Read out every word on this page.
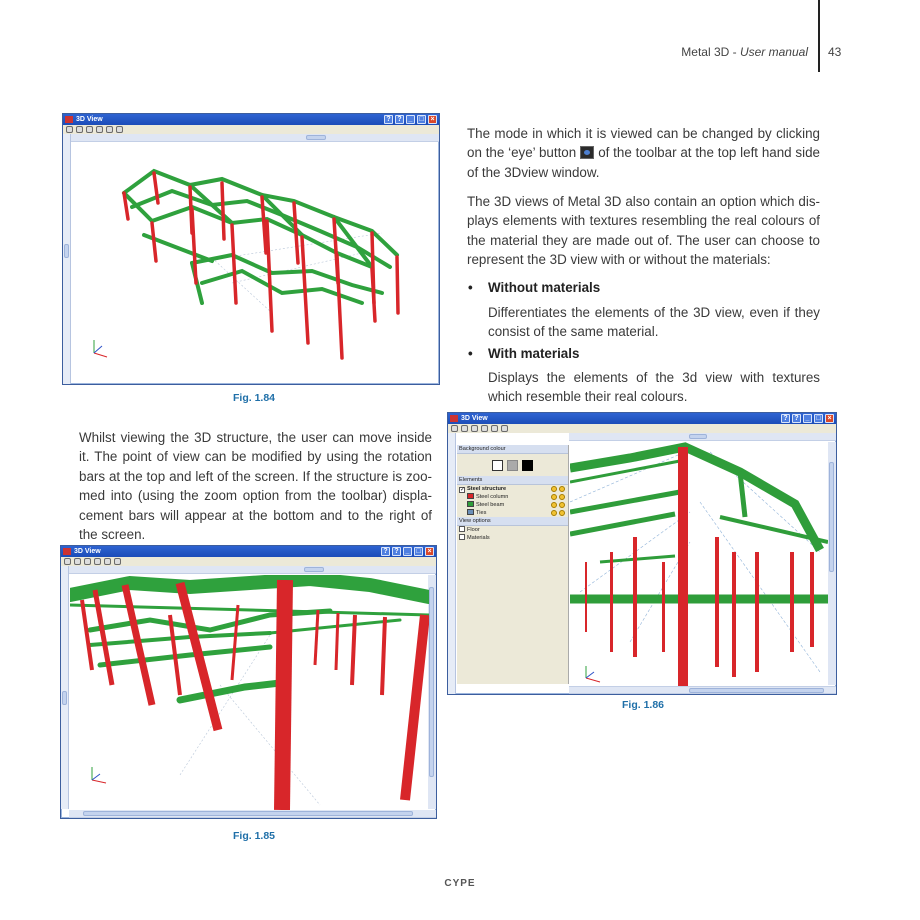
Metal 3D - User manual 43
3D View	? ? _ □ ×
Fig. 1.84
The mode in which it is viewed can be changed by clicking on the ‘eye’ button of the toolbar at the top left hand side of the 3Dview window.
The 3D views of Metal 3D also contain an option which dis-plays elements with textures resembling the real colours of the material they are made out of. The user can choose to represent the 3D view with or without the materials:
• Without materials
Differentiates the elements of the 3D view, even if they consist of the same material.
• With materials
Displays the elements of the 3d view with textures which resemble their real colours.
Whilst viewing the 3D structure, the user can move inside it. The point of view can be modified by using the rotation bars at the top and left of the screen. If the structure is zoo-med into (using the zoom option from the toolbar) displa-cement bars will appear at the bottom and to the right of the screen.
3D View	? ? _ □ ×
Background colour
Elements
✓ Steel structure
Steel column
Steel beam
Ties
View options
Floor
Materials
Fig. 1.86
3D View	? ? _ □ ×
Fig. 1.85
CYPE
